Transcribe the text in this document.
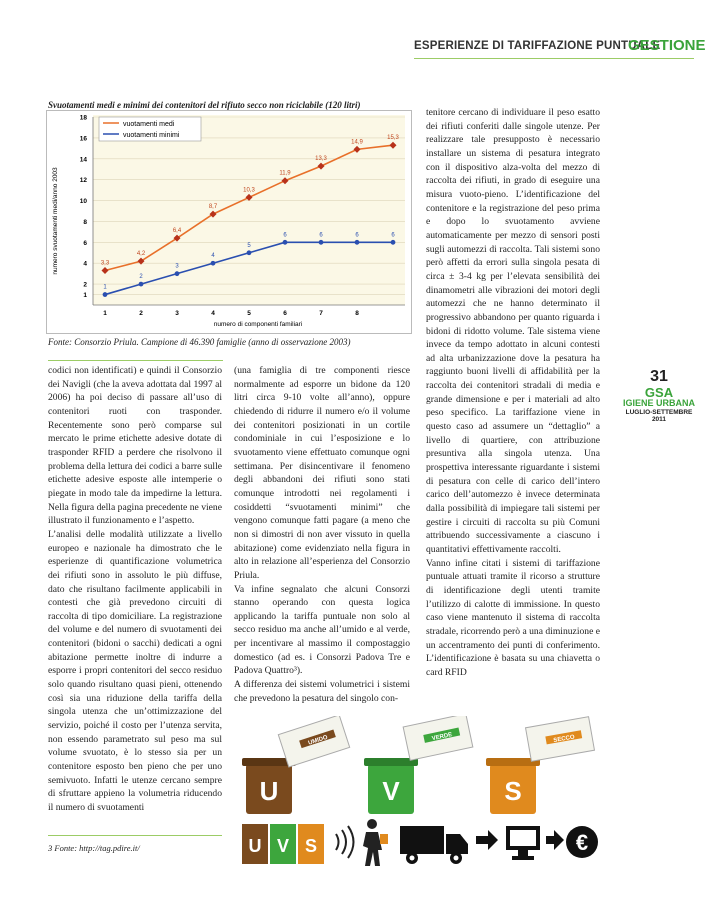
ESPERIENZE DI TARIFFAZIONE PUNTUALE
GESTIONE
Svuotamenti medi e minimi dei contenitori del rifiuto secco non riciclabile (120 litri)
1
2
4
6
8
10
12
14
16
18
1	2	3	4	5	6	7	8
3,3
4,2
6,4
8,7
10,3
11,9
13,3
14,9
15,3
1
2
3
4
5
6	6	6	6
vuotamenti medi
vuotamenti minimi
numero di componenti familiari
numero svuotamenti medi/anno 2003
Fonte: Consorzio Priula. Campione di 46.390 famiglie (anno di osservazione 2003)

codici non identificati) e quindi il Consorzio dei Navigli (che la aveva adottata dal 1997 al 2006) ha poi deciso di passare all’uso di contenitori ruoti con trasponder. Recentemente sono però comparse sul mercato le prime etichette adesive dotate di trasponder RFID a perdere che risolvono il problema della lettura dei codici a barre sulle etichette adesive esposte alle intemperie o piegate in modo tale da impedirne la lettura. Nella figura della pagina precedente ne viene illustrato il funzionamento e l’aspetto.

L’analisi delle modalità utilizzate a livello europeo e nazionale ha dimostrato che le esperienze di quantificazione volumetrica dei rifiuti sono in assoluto le più diffuse, dato che risultano facilmente applicabili in contesti che già prevedono circuiti di raccolta di tipo domiciliare. La registrazione del volume e del numero di svuotamenti dei contenitori (bidoni o sacchi) dedicati a ogni abitazione permette inoltre di indurre a esporre i propri contenitori del secco residuo solo quando risultano quasi pieni, ottenendo così sia una riduzione della tariffa della singola utenza che un’ottimizzazione del servizio, poiché il costo per l’utenza servita, non essendo parametrato sul peso ma sul volume svuotato, è lo stesso sia per un contenitore esposto ben pieno che per uno semivuoto. Infatti le utenze cercano sempre di sfruttare appieno la volumetria riducendo il numero di svuotamenti

(una famiglia di tre componenti riesce normalmente ad esporre un bidone da 120 litri circa 9-10 volte all’anno), oppure chiedendo di ridurre il numero e/o il volume dei contenitori posizionati in un cortile condominiale in cui l’esposizione e lo svuotamento viene effettuato comunque ogni settimana. Per disincentivare il fenomeno degli abbandoni dei rifiuti sono stati comunque introdotti nei regolamenti i cosiddetti “svuotamenti minimi” che vengono comunque fatti pagare (a meno che non si dimostri di non aver vissuto in quella abitazione) come evidenziato nella figura in alto in relazione all’esperienza del Consorzio Priula.

Va infine segnalato che alcuni Consorzi stanno operando con questa logica applicando la tariffa puntuale non solo al secco residuo ma anche all’umido e al verde, per incentivare al massimo il compostaggio domestico (ad es. i Consorzi Padova Tre e Padova Quattro³).

A differenza dei sistemi volumetrici i sistemi che prevedono la pesatura del singolo con-

tenitore cercano di individuare il peso esatto dei rifiuti conferiti dalle singole utenze. Per realizzare tale presupposto è necessario installare un sistema di pesatura integrato con il dispositivo alza-volta del mezzo di raccolta dei rifiuti, in grado di eseguire una misura vuoto-pieno. L’identificazione del contenitore e la registrazione del peso prima e dopo lo svuotamento avviene automaticamente per mezzo di sensori posti sugli automezzi di raccolta. Tali sistemi sono però affetti da errori sulla singola pesata di circa ± 3-4 kg per l’elevata sensibilità dei dinamometri alle vibrazioni dei motori degli automezzi che ne hanno determinato il progressivo abbandono per quanto riguarda i bidoni di ridotto volume. Tale sistema viene invece da tempo adottato in alcuni contesti ad alta urbanizzazione dove la pesatura ha raggiunto buoni livelli di affidabilità per la raccolta dei contenitori stradali di media e grande dimensione e per i materiali ad alto peso specifico. La tariffazione viene in questo caso ad assumere un “dettaglio” a livello di quartiere, con attribuzione presuntiva alla singola utenza. Una prospettiva interessante riguardante i sistemi di pesatura con celle di carico dell’intero carico dell’automezzo è invece determinata dalla possibilità di impiegare tali sistemi per gestire i circuiti di raccolta su più Comuni attribuendo successivamente a ciascuno i quantitativi effettivamente raccolti.

Vanno infine citati i sistemi di tariffazione puntuale attuati tramite il ricorso a strutture di identificazione degli utenti tramite l’utilizzo di calotte di immissione. In questo caso viene mantenuto il sistema di raccolta stradale, ricorrendo però a una diminuzione e un accentramento dei punti di conferimento. L’identificazione è basata su una chiavetta o card RFID

3 Fonte: http://tag.pdire.it/
31
GSA
IGIENE URBANA
LUGLIO-SETTEMBRE 2011
U
UMIDO
V
VERDE
S
SECCO
U V S	€
